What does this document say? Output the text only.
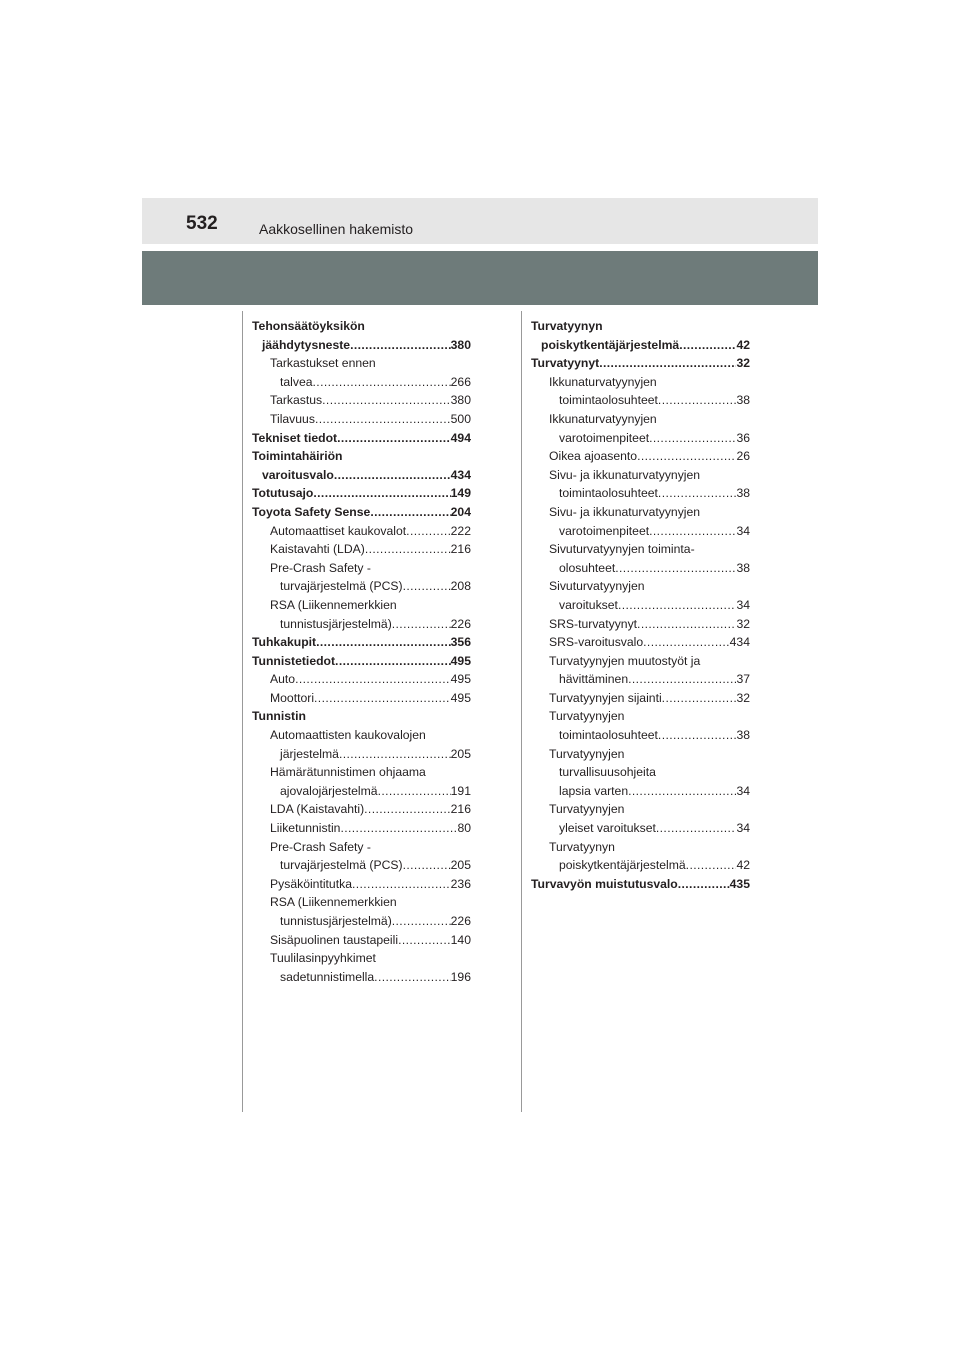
532	Aakkosellinen hakemisto
Tehonsäätöyksikön
jäähdytysneste . . .	380
Tarkastukset ennen
talvea . . .	266
Tarkastus . . .	380
Tilavuus . . .	500
Tekniset tiedot . . .	494
Toimintahäiriön
varoitusvalo . . .	434
Totutusajo . . .	149
Toyota Safety Sense . . .	204
Automaattiset kaukovalot . . .	222
Kaistavahti (LDA) . . .	216
Pre-Crash Safety -
turvajärjestelmä (PCS) . . .	208
RSA (Liikennemerkkien
tunnistusjärjestelmä) . . .	226
Tuhkakupit . . .	356
Tunnistetiedot . . .	495
Auto . . .	495
Moottori . . .	495
Tunnistin
Automaattisten kaukovalojen
järjestelmä . . .	205
Hämärätunnistimen ohjaama
ajovalojärjestelmä . . .	191
LDA (Kaistavahti) . . .	216
Liiketunnistin . . .	80
Pre-Crash Safety -
turvajärjestelmä (PCS) . . .	205
Pysäköintitutka . . .	236
RSA (Liikennemerkkien
tunnistusjärjestelmä) . . .	226
Sisäpuolinen taustapeili . . .	140
Tuulilasinpyyhkimet
sadetunnistimella . . .	196
Turvatyynyn
poiskytkentäjärjestelmä . . .	42
Turvatyynyt . . .	32
Ikkunaturvatyynyjen
toimintaolosuhteet . . .	38
Ikkunaturvatyynyjen
varotoimenpiteet . . .	36
Oikea ajoasento . . .	26
Sivu- ja ikkunaturvatyynyjen
toimintaolosuhteet . . .	38
Sivu- ja ikkunaturvatyynyjen
varotoimenpiteet . . .	34
Sivuturvatyynyjen toiminta-
olosuhteet . . .	38
Sivuturvatyynyjen
varoitukset . . .	34
SRS-turvatyynyt . . .	32
SRS-varoitusvalo . . .	434
Turvatyynyjen muutostyöt ja
hävittäminen . . .	37
Turvatyynyjen sijainti . . .	32
Turvatyynyjen
toimintaolosuhteet . . .	38
Turvatyynyjen
turvallisuusohjeita
lapsia varten . . .	34
Turvatyynyjen
yleiset varoitukset . . .	34
Turvatyynyn
poiskytkentäjärjestelmä . . .	42
Turvavyön muistutusvalo . . .	435
